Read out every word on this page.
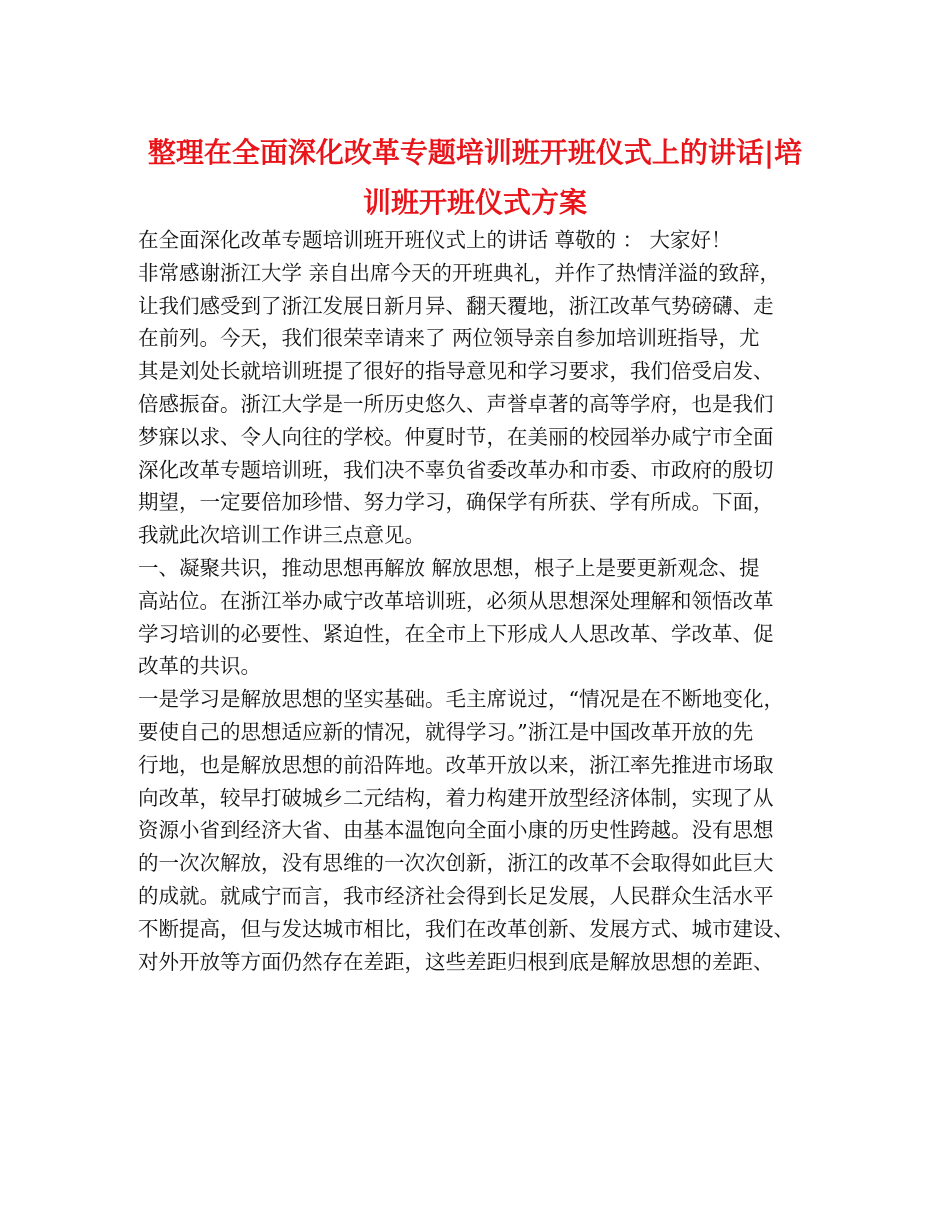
整理在全面深化改革专题培训班开班仪式上的讲话|培
训班开班仪式方案
在全面深化改革专题培训班开班仪式上的讲话 尊敬的 ： 大家好！
非常感谢浙江大学 亲自出席今天的开班典礼，并作了热情洋溢的致辞，
让我们感受到了浙江发展日新月异、翻天覆地，浙江改革气势磅礴、走
在前列。今天，我们很荣幸请来了 两位领导亲自参加培训班指导，尤
其是刘处长就培训班提了很好的指导意见和学习要求，我们倍受启发、
倍感振奋。浙江大学是一所历史悠久、声誉卓著的高等学府，也是我们
梦寐以求、令人向往的学校。仲夏时节，在美丽的校园举办咸宁市全面
深化改革专题培训班，我们决不辜负省委改革办和市委、市政府的殷切
期望，一定要倍加珍惜、努力学习，确保学有所获、学有所成。下面，
我就此次培训工作讲三点意见。
一、凝聚共识，推动思想再解放 解放思想，根子上是要更新观念、提
高站位。在浙江举办咸宁改革培训班，必须从思想深处理解和领悟改革
学习培训的必要性、紧迫性，在全市上下形成人人思改革、学改革、促
改革的共识。
一是学习是解放思想的坚实基础。毛主席说过，“情况是在不断地变化，
要使自己的思想适应新的情况，就得学习。”浙江是中国改革开放的先
行地，也是解放思想的前沿阵地。改革开放以来，浙江率先推进市场取
向改革，较早打破城乡二元结构，着力构建开放型经济体制，实现了从
资源小省到经济大省、由基本温饱向全面小康的历史性跨越。没有思想
的一次次解放，没有思维的一次次创新，浙江的改革不会取得如此巨大
的成就。就咸宁而言，我市经济社会得到长足发展，人民群众生活水平
不断提高，但与发达城市相比，我们在改革创新、发展方式、城市建设、
对外开放等方面仍然存在差距，这些差距归根到底是解放思想的差距、
